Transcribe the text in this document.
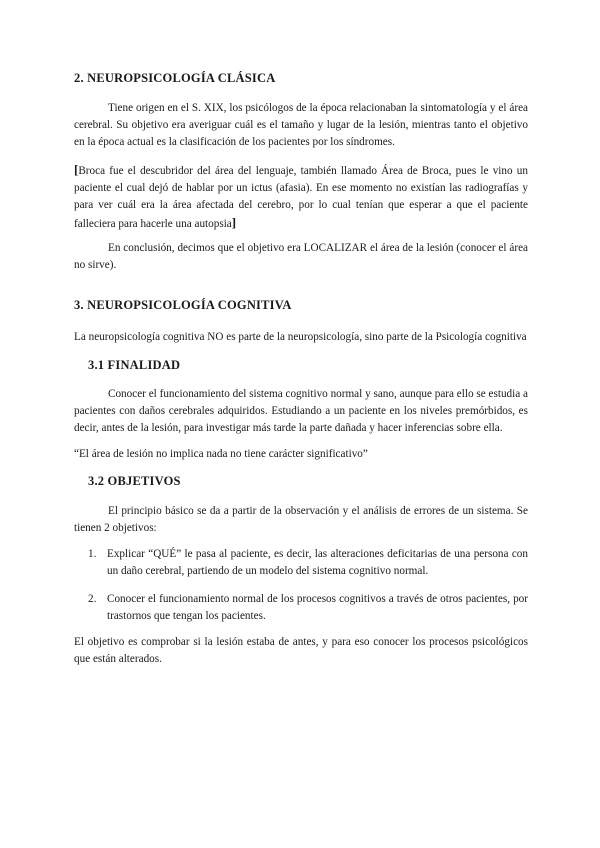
2. NEUROPSICOLOGÍA CLÁSICA

Tiene origen en el S. XIX, los psicólogos de la época relacionaban la sintomatología y el área cerebral. Su objetivo era averiguar cuál es el tamaño y lugar de la lesión, mientras tanto el objetivo en la época actual es la clasificación de los pacientes por los síndromes.

[Broca fue el descubridor del área del lenguaje, también llamado Área de Broca, pues le vino un paciente el cual dejó de hablar por un ictus (afasia). En ese momento no existían las radiografías y para ver cuál era la área afectada del cerebro, por lo cual tenían que esperar a que el paciente falleciera para hacerle una autopsia]

En conclusión, decimos que el objetivo era LOCALIZAR el área de la lesión (conocer el área no sirve).

3. NEUROPSICOLOGÍA COGNITIVA

La neuropsicología cognitiva NO es parte de la neuropsicología, sino parte de la Psicología cognitiva

3.1 FINALIDAD

Conocer el funcionamiento del sistema cognitivo normal y sano, aunque para ello se estudia a pacientes con daños cerebrales adquiridos. Estudiando a un paciente en los niveles premórbidos, es decir, antes de la lesión, para investigar más tarde la parte dañada y hacer inferencias sobre ella.

“El área de lesión no implica nada no tiene carácter significativo”

3.2 OBJETIVOS

El principio básico se da a partir de la observación y el análisis de errores de un sistema. Se tienen 2 objetivos:

1. Explicar “QUÉ” le pasa al paciente, es decir, las alteraciones deficitarias de una persona con un daño cerebral, partiendo de un modelo del sistema cognitivo normal.
2. Conocer el funcionamiento normal de los procesos cognitivos a través de otros pacientes, por trastornos que tengan los pacientes.

El objetivo es comprobar si la lesión estaba de antes, y para eso conocer los procesos psicológicos que están alterados.
